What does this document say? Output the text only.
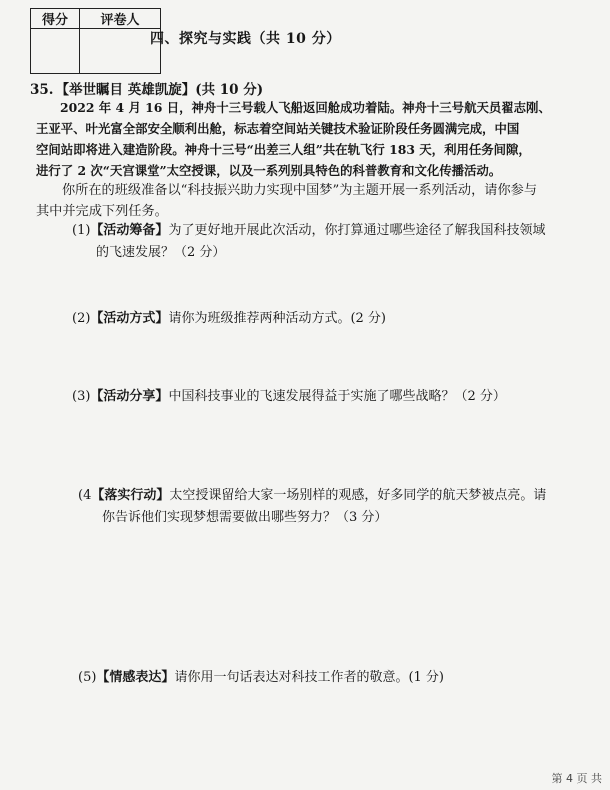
得分	评卷人

四、探究与实践（共 10 分）
35. 【举世瞩目 英雄凯旋】(共 10 分)
2022 年 4 月 16 日，神舟十三号载人飞船返回舱成功着陆。神舟十三号航天员翟志刚、
王亚平、叶光富全部安全顺利出舱，标志着空间站关键技术验证阶段任务圆满完成，中国
空间站即将进入建造阶段。神舟十三号“出差三人组”共在轨飞行 183 天，利用任务间隙，
进行了 2 次“天宫课堂”太空授课，以及一系列别具特色的科普教育和文化传播活动。
你所在的班级准备以“科技振兴助力实现中国梦”为主题开展一系列活动，请你参与
其中并完成下列任务。
(1)【活动筹备】为了更好地开展此次活动，你打算通过哪些途径了解我国科技领域
的飞速发展？（2 分）
(2)【活动方式】请你为班级推荐两种活动方式。(2 分)
(3)【活动分享】中国科技事业的飞速发展得益于实施了哪些战略？（2 分）
(4【落实行动】太空授课留给大家一场别样的观感，好多同学的航天梦被点亮。请
你告诉他们实现梦想需要做出哪些努力？（3 分）
(5)【情感表达】请你用一句话表达对科技工作者的敬意。(1 分)
第 4 页 共
